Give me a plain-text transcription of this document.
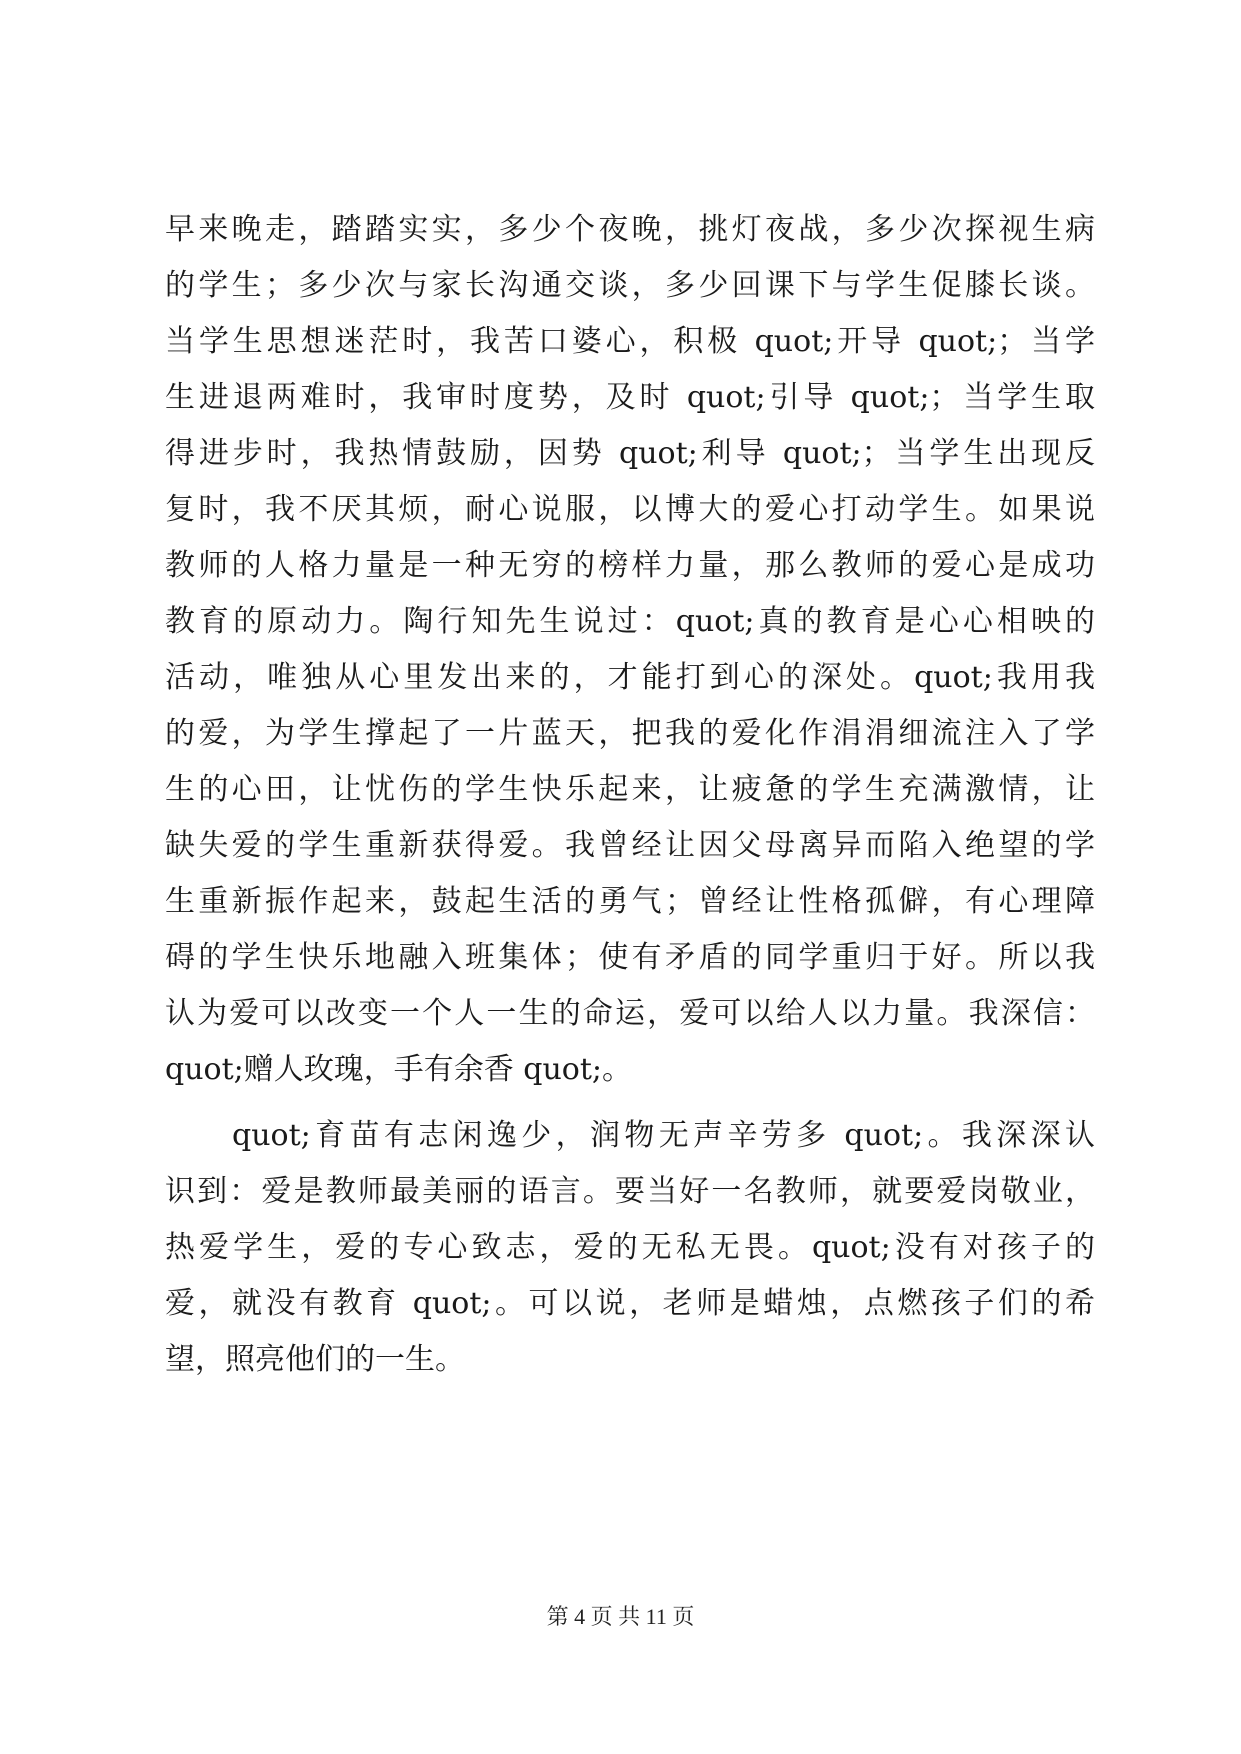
早来晚走，踏踏实实，多少个夜晚，挑灯夜战，多少次探视生病
的学生；多少次与家长沟通交谈，多少回课下与学生促膝长谈。
当学生思想迷茫时，我苦口婆心，积极 quot;开导 quot;；当学
生进退两难时，我审时度势，及时 quot;引导 quot;；当学生取
得进步时，我热情鼓励，因势 quot;利导 quot;；当学生出现反
复时，我不厌其烦，耐心说服，以博大的爱心打动学生。如果说
教师的人格力量是一种无穷的榜样力量，那么教师的爱心是成功
教育的原动力。陶行知先生说过：quot;真的教育是心心相映的
活动，唯独从心里发出来的，才能打到心的深处。quot;我用我
的爱，为学生撑起了一片蓝天，把我的爱化作涓涓细流注入了学
生的心田，让忧伤的学生快乐起来，让疲惫的学生充满激情，让
缺失爱的学生重新获得爱。我曾经让因父母离异而陷入绝望的学
生重新振作起来，鼓起生活的勇气；曾经让性格孤僻，有心理障
碍的学生快乐地融入班集体；使有矛盾的同学重归于好。所以我
认为爱可以改变一个人一生的命运，爱可以给人以力量。我深信：
quot;赠人玫瑰，手有余香 quot;。
quot;育苗有志闲逸少，润物无声辛劳多 quot;。我深深认
识到：爱是教师最美丽的语言。要当好一名教师，就要爱岗敬业，
热爱学生，爱的专心致志，爱的无私无畏。quot;没有对孩子的
爱，就没有教育 quot;。可以说，老师是蜡烛，点燃孩子们的希
望，照亮他们的一生。
第 4 页 共 11 页
